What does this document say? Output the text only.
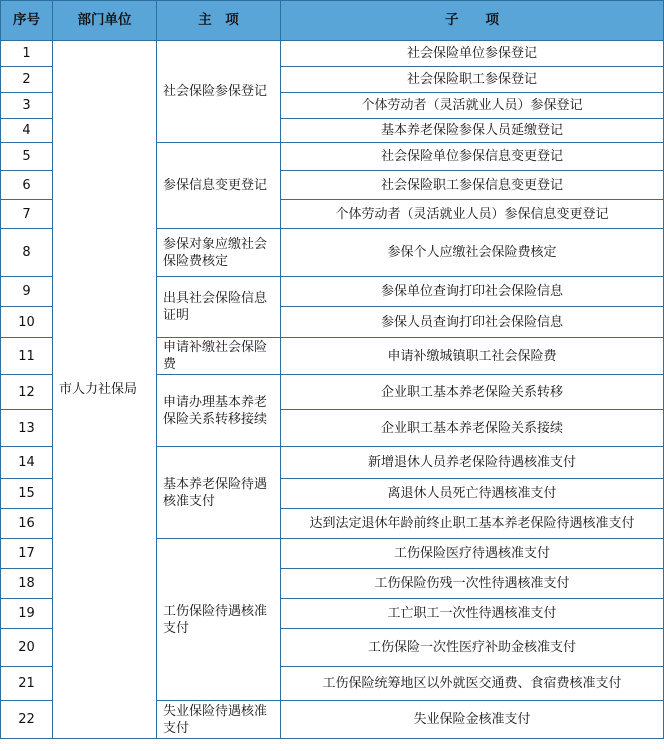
序号	部门单位	主　项	子　　项
1	市人力社保局	社会保险参保登记	社会保险单位参保登记
2			社会保险职工参保登记
3			个体劳动者（灵活就业人员）参保登记
4			基本养老保险参保人员延缴登记
5		参保信息变更登记	社会保险单位参保信息变更登记
6			社会保险职工参保信息变更登记
7			个体劳动者（灵活就业人员）参保信息变更登记
8		参保对象应缴社会保险费核定	参保个人应缴社会保险费核定
9		出具社会保险信息证明	参保单位查询打印社会保险信息
10			参保人员查询打印社会保险信息
11		申请补缴社会保险费	申请补缴城镇职工社会保险费
12		申请办理基本养老保险关系转移接续	企业职工基本养老保险关系转移
13			企业职工基本养老保险关系接续
14		基本养老保险待遇核准支付	新增退休人员养老保险待遇核准支付
15			离退休人员死亡待遇核准支付
16			达到法定退休年龄前终止职工基本养老保险待遇核准支付
17		工伤保险待遇核准支付	工伤保险医疗待遇核准支付
18			工伤保险伤残一次性待遇核准支付
19			工亡职工一次性待遇核准支付
20			工伤保险一次性医疗补助金核准支付
21			工伤保险统筹地区以外就医交通费、食宿费核准支付
22		失业保险待遇核准支付	失业保险金核准支付
